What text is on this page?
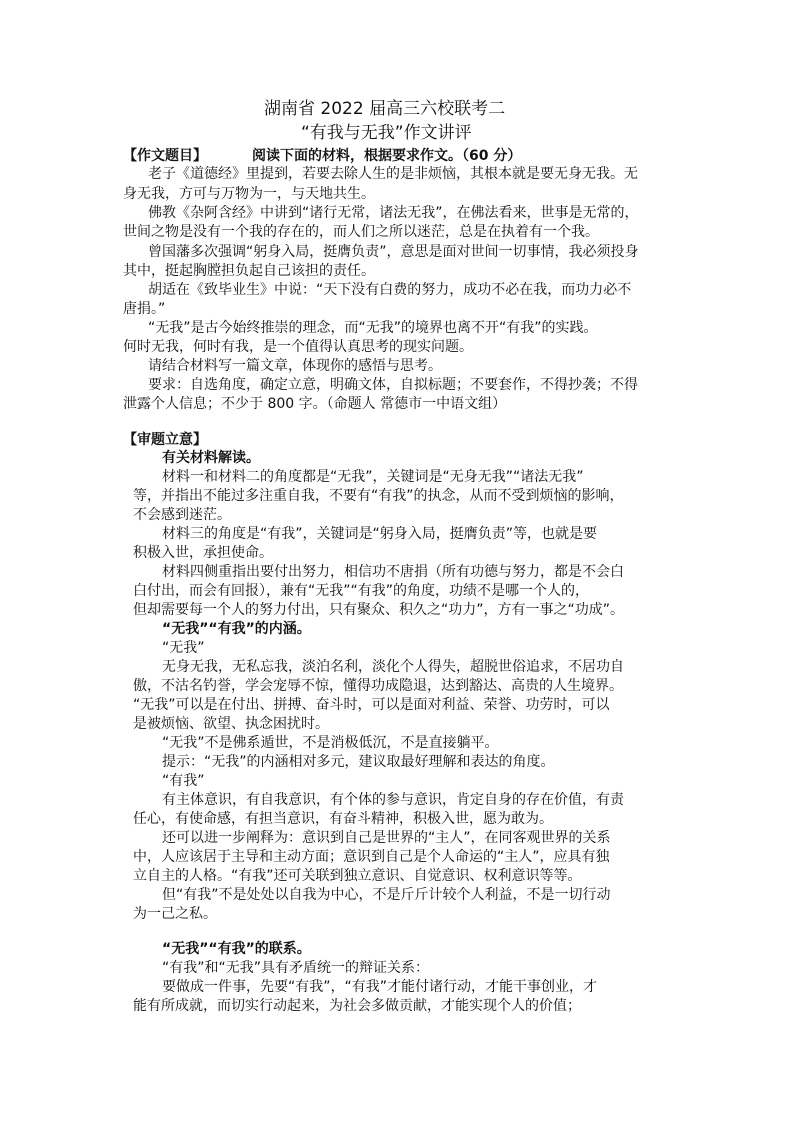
湖南省 2022 届高三六校联考二
“有我与无我”作文讲评
【作文题目】	阅读下面的材料，根据要求作文。（60 分）
老子《道德经》里提到，若要去除人生的是非烦恼，其根本就是要无身无我。无
身无我，方可与万物为一，与天地共生。
佛教《杂阿含经》中讲到“诸行无常，诸法无我”，在佛法看来，世事是无常的，
世间之物是没有一个我的存在的，而人们之所以迷茫，总是在执着有一个我。
曾国藩多次强调“躬身入局，挺膺负责”，意思是面对世间一切事情，我必须投身
其中，挺起胸膛担负起自己该担的责任。
胡适在《致毕业生》中说：“天下没有白费的努力，成功不必在我，而功力必不
唐捐。”
“无我”是古今始终推崇的理念，而“无我”的境界也离不开“有我”的实践。
何时无我，何时有我，是一个值得认真思考的现实问题。
请结合材料写一篇文章，体现你的感悟与思考。
要求：自选角度，确定立意，明确文体，自拟标题；不要套作，不得抄袭；不得
泄露个人信息；不少于 800 字。（命题人 常德市一中语文组）
【审题立意】
有关材料解读。
材料一和材料二的角度都是“无我”，关键词是“无身无我”“诸法无我”
等，并指出不能过多注重自我，不要有“有我”的执念，从而不受到烦恼的影响，
不会感到迷茫。
材料三的角度是“有我”，关键词是“躬身入局，挺膺负责”等，也就是要
积极入世，承担使命。
材料四侧重指出要付出努力，相信功不唐捐（所有功德与努力，都是不会白
白付出，而会有回报），兼有“无我”“有我”的角度，功绩不是哪一个人的，
但却需要每一个人的努力付出，只有聚众、积久之“功力”，方有一事之“功成”。
“无我”“有我”的内涵。
“无我”
无身无我，无私忘我，淡泊名利，淡化个人得失，超脱世俗追求，不居功自
傲，不沽名钓誉，学会宠辱不惊，懂得功成隐退，达到豁达、高贵的人生境界。
“无我”可以是在付出、拼搏、奋斗时，可以是面对利益、荣誉、功劳时，可以
是被烦恼、欲望、执念困扰时。
“无我”不是佛系遁世，不是消极低沉，不是直接躺平。
提示：“无我”的内涵相对多元，建议取最好理解和表达的角度。
“有我”
有主体意识，有自我意识，有个体的参与意识，肯定自身的存在价值，有责
任心，有使命感，有担当意识，有奋斗精神，积极入世，愿为敢为。
还可以进一步阐释为：意识到自己是世界的“主人”，在同客观世界的关系
中，人应该居于主导和主动方面；意识到自己是个人命运的“主人”，应具有独
立自主的人格。“有我”还可关联到独立意识、自觉意识、权利意识等等。
但“有我”不是处处以自我为中心，不是斤斤计较个人利益，不是一切行动
为一己之私。
“无我”“有我”的联系。
“有我”和“无我”具有矛盾统一的辩证关系：
要做成一件事，先要“有我”，“有我”才能付诸行动，才能干事创业，才
能有所成就，而切实行动起来，为社会多做贡献，才能实现个人的价值；
